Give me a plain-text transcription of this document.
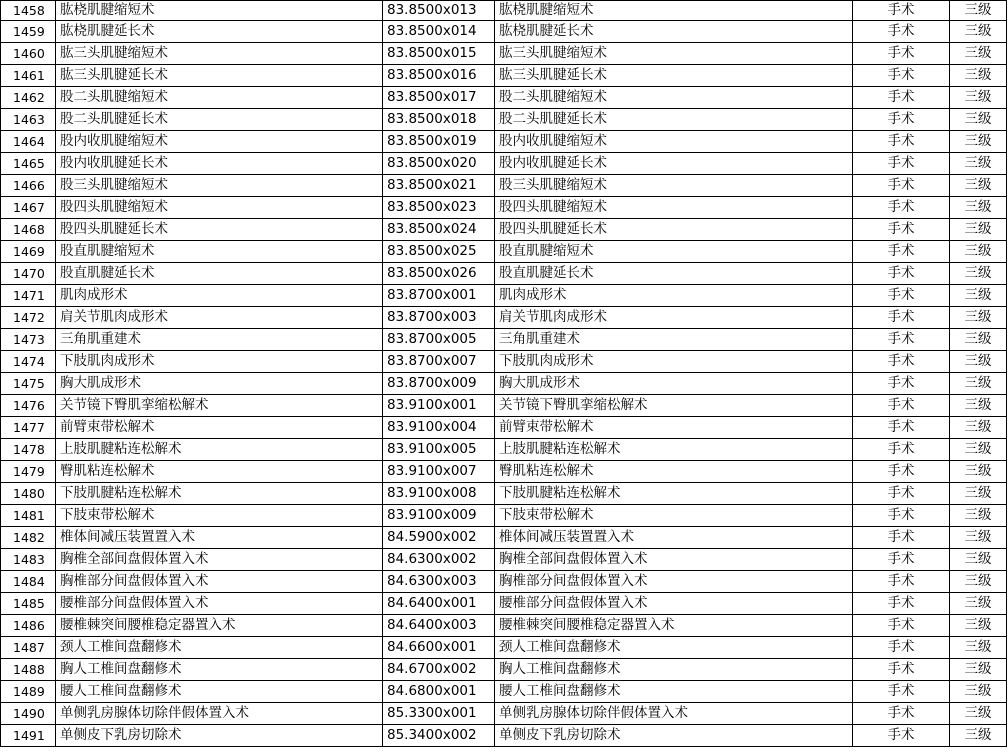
1458	肱桡肌腱缩短术	83.8500x013	肱桡肌腱缩短术	手术	三级
1459	肱桡肌腱延长术	83.8500x014	肱桡肌腱延长术	手术	三级
1460	肱三头肌腱缩短术	83.8500x015	肱三头肌腱缩短术	手术	三级
1461	肱三头肌腱延长术	83.8500x016	肱三头肌腱延长术	手术	三级
1462	股二头肌腱缩短术	83.8500x017	股二头肌腱缩短术	手术	三级
1463	股二头肌腱延长术	83.8500x018	股二头肌腱延长术	手术	三级
1464	股内收肌腱缩短术	83.8500x019	股内收肌腱缩短术	手术	三级
1465	股内收肌腱延长术	83.8500x020	股内收肌腱延长术	手术	三级
1466	股三头肌腱缩短术	83.8500x021	股三头肌腱缩短术	手术	三级
1467	股四头肌腱缩短术	83.8500x023	股四头肌腱缩短术	手术	三级
1468	股四头肌腱延长术	83.8500x024	股四头肌腱延长术	手术	三级
1469	股直肌腱缩短术	83.8500x025	股直肌腱缩短术	手术	三级
1470	股直肌腱延长术	83.8500x026	股直肌腱延长术	手术	三级
1471	肌肉成形术	83.8700x001	肌肉成形术	手术	三级
1472	肩关节肌肉成形术	83.8700x003	肩关节肌肉成形术	手术	三级
1473	三角肌重建术	83.8700x005	三角肌重建术	手术	三级
1474	下肢肌肉成形术	83.8700x007	下肢肌肉成形术	手术	三级
1475	胸大肌成形术	83.8700x009	胸大肌成形术	手术	三级
1476	关节镜下臀肌挛缩松解术	83.9100x001	关节镜下臀肌挛缩松解术	手术	三级
1477	前臂束带松解术	83.9100x004	前臂束带松解术	手术	三级
1478	上肢肌腱粘连松解术	83.9100x005	上肢肌腱粘连松解术	手术	三级
1479	臀肌粘连松解术	83.9100x007	臀肌粘连松解术	手术	三级
1480	下肢肌腱粘连松解术	83.9100x008	下肢肌腱粘连松解术	手术	三级
1481	下肢束带松解术	83.9100x009	下肢束带松解术	手术	三级
1482	椎体间减压装置置入术	84.5900x002	椎体间减压装置置入术	手术	三级
1483	胸椎全部间盘假体置入术	84.6300x002	胸椎全部间盘假体置入术	手术	三级
1484	胸椎部分间盘假体置入术	84.6300x003	胸椎部分间盘假体置入术	手术	三级
1485	腰椎部分间盘假体置入术	84.6400x001	腰椎部分间盘假体置入术	手术	三级
1486	腰椎棘突间腰椎稳定器置入术	84.6400x003	腰椎棘突间腰椎稳定器置入术	手术	三级
1487	颈人工椎间盘翻修术	84.6600x001	颈人工椎间盘翻修术	手术	三级
1488	胸人工椎间盘翻修术	84.6700x002	胸人工椎间盘翻修术	手术	三级
1489	腰人工椎间盘翻修术	84.6800x001	腰人工椎间盘翻修术	手术	三级
1490	单侧乳房腺体切除伴假体置入术	85.3300x001	单侧乳房腺体切除伴假体置入术	手术	三级
1491	单侧皮下乳房切除术	85.3400x002	单侧皮下乳房切除术	手术	三级
